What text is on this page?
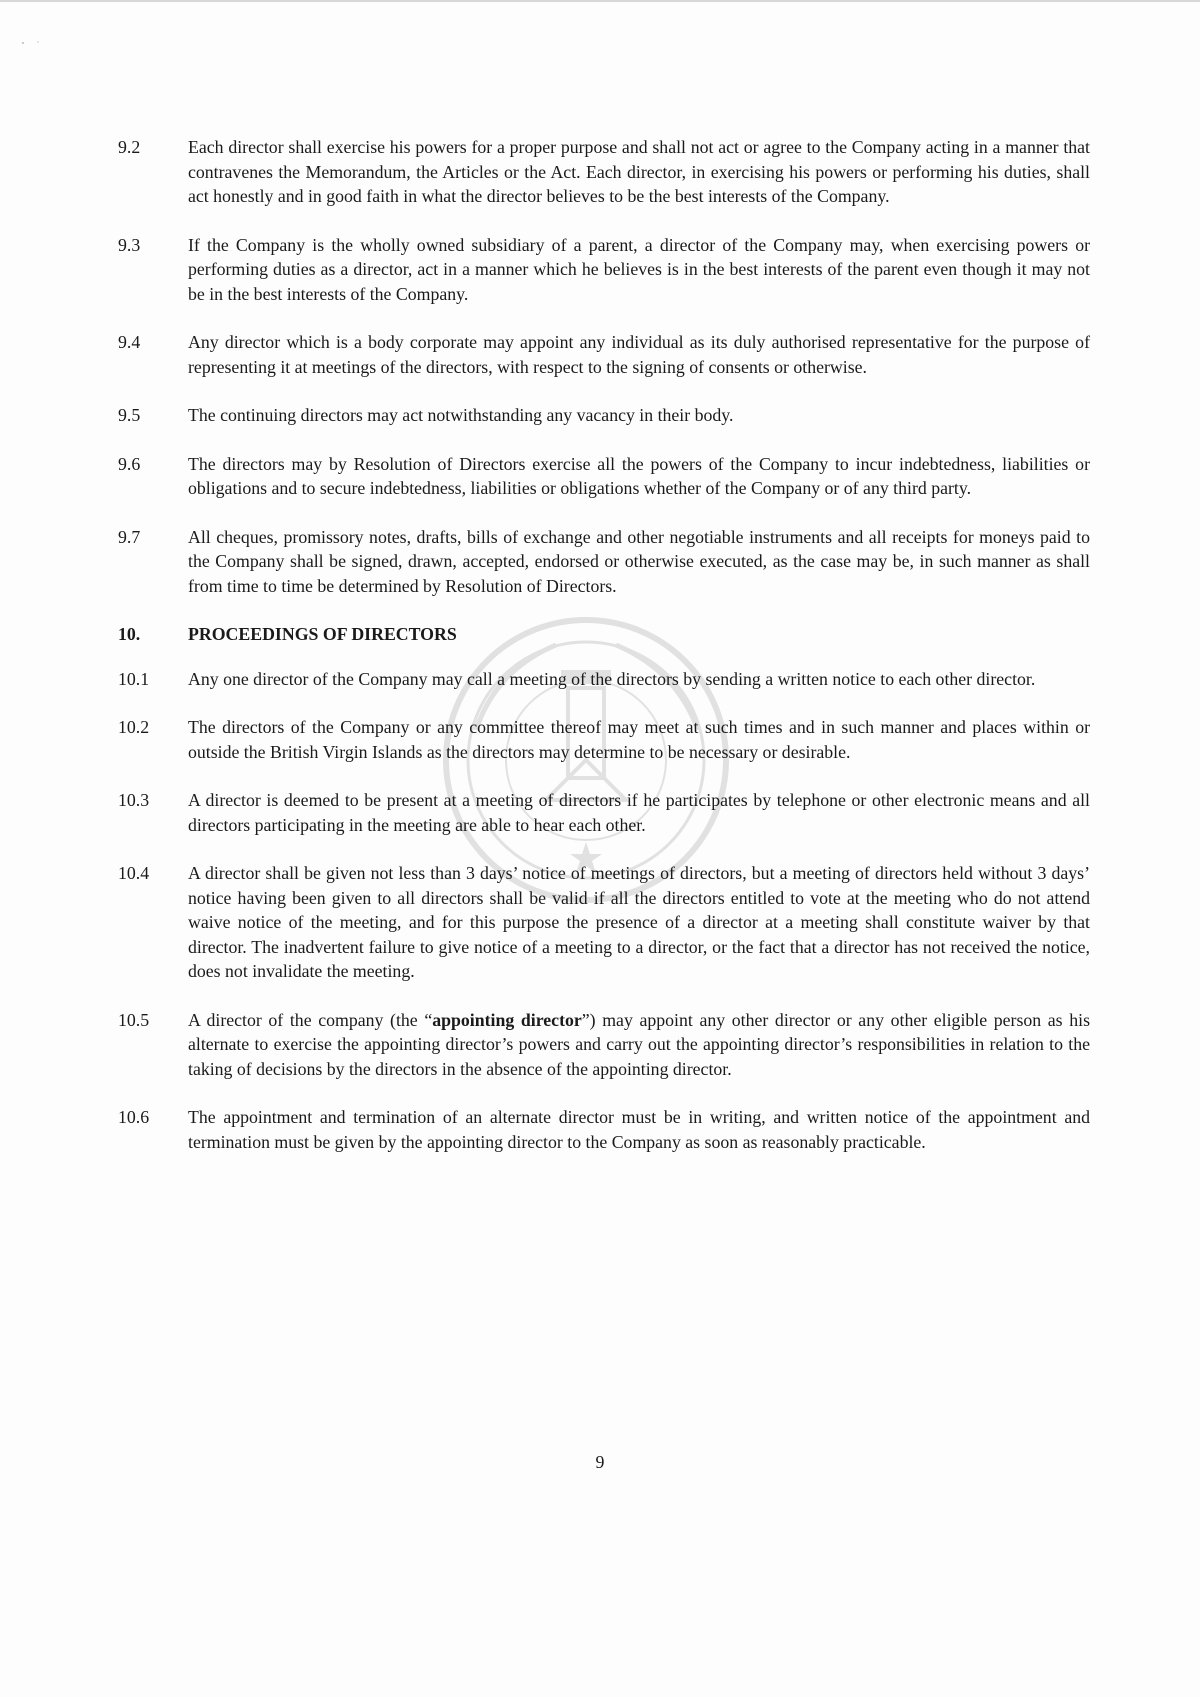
9.2	Each director shall exercise his powers for a proper purpose and shall not act or agree to the Company acting in a manner that contravenes the Memorandum, the Articles or the Act. Each director, in exercising his powers or performing his duties, shall act honestly and in good faith in what the director believes to be the best interests of the Company.
9.3	If the Company is the wholly owned subsidiary of a parent, a director of the Company may, when exercising powers or performing duties as a director, act in a manner which he believes is in the best interests of the parent even though it may not be in the best interests of the Company.
9.4	Any director which is a body corporate may appoint any individual as its duly authorised representative for the purpose of representing it at meetings of the directors, with respect to the signing of consents or otherwise.
9.5	The continuing directors may act notwithstanding any vacancy in their body.
9.6	The directors may by Resolution of Directors exercise all the powers of the Company to incur indebtedness, liabilities or obligations and to secure indebtedness, liabilities or obligations whether of the Company or of any third party.
9.7	All cheques, promissory notes, drafts, bills of exchange and other negotiable instruments and all receipts for moneys paid to the Company shall be signed, drawn, accepted, endorsed or otherwise executed, as the case may be, in such manner as shall from time to time be determined by Resolution of Directors.
10.	PROCEEDINGS OF DIRECTORS
10.1	Any one director of the Company may call a meeting of the directors by sending a written notice to each other director.
10.2	The directors of the Company or any committee thereof may meet at such times and in such manner and places within or outside the British Virgin Islands as the directors may determine to be necessary or desirable.
10.3	A director is deemed to be present at a meeting of directors if he participates by telephone or other electronic means and all directors participating in the meeting are able to hear each other.
10.4	A director shall be given not less than 3 days’ notice of meetings of directors, but a meeting of directors held without 3 days’ notice having been given to all directors shall be valid if all the directors entitled to vote at the meeting who do not attend waive notice of the meeting, and for this purpose the presence of a director at a meeting shall constitute waiver by that director. The inadvertent failure to give notice of a meeting to a director, or the fact that a director has not received the notice, does not invalidate the meeting.
10.5	A director of the company (the “appointing director”) may appoint any other director or any other eligible person as his alternate to exercise the appointing director’s powers and carry out the appointing director’s responsibilities in relation to the taking of decisions by the directors in the absence of the appointing director.
10.6	The appointment and termination of an alternate director must be in writing, and written notice of the appointment and termination must be given by the appointing director to the Company as soon as reasonably practicable.
9
